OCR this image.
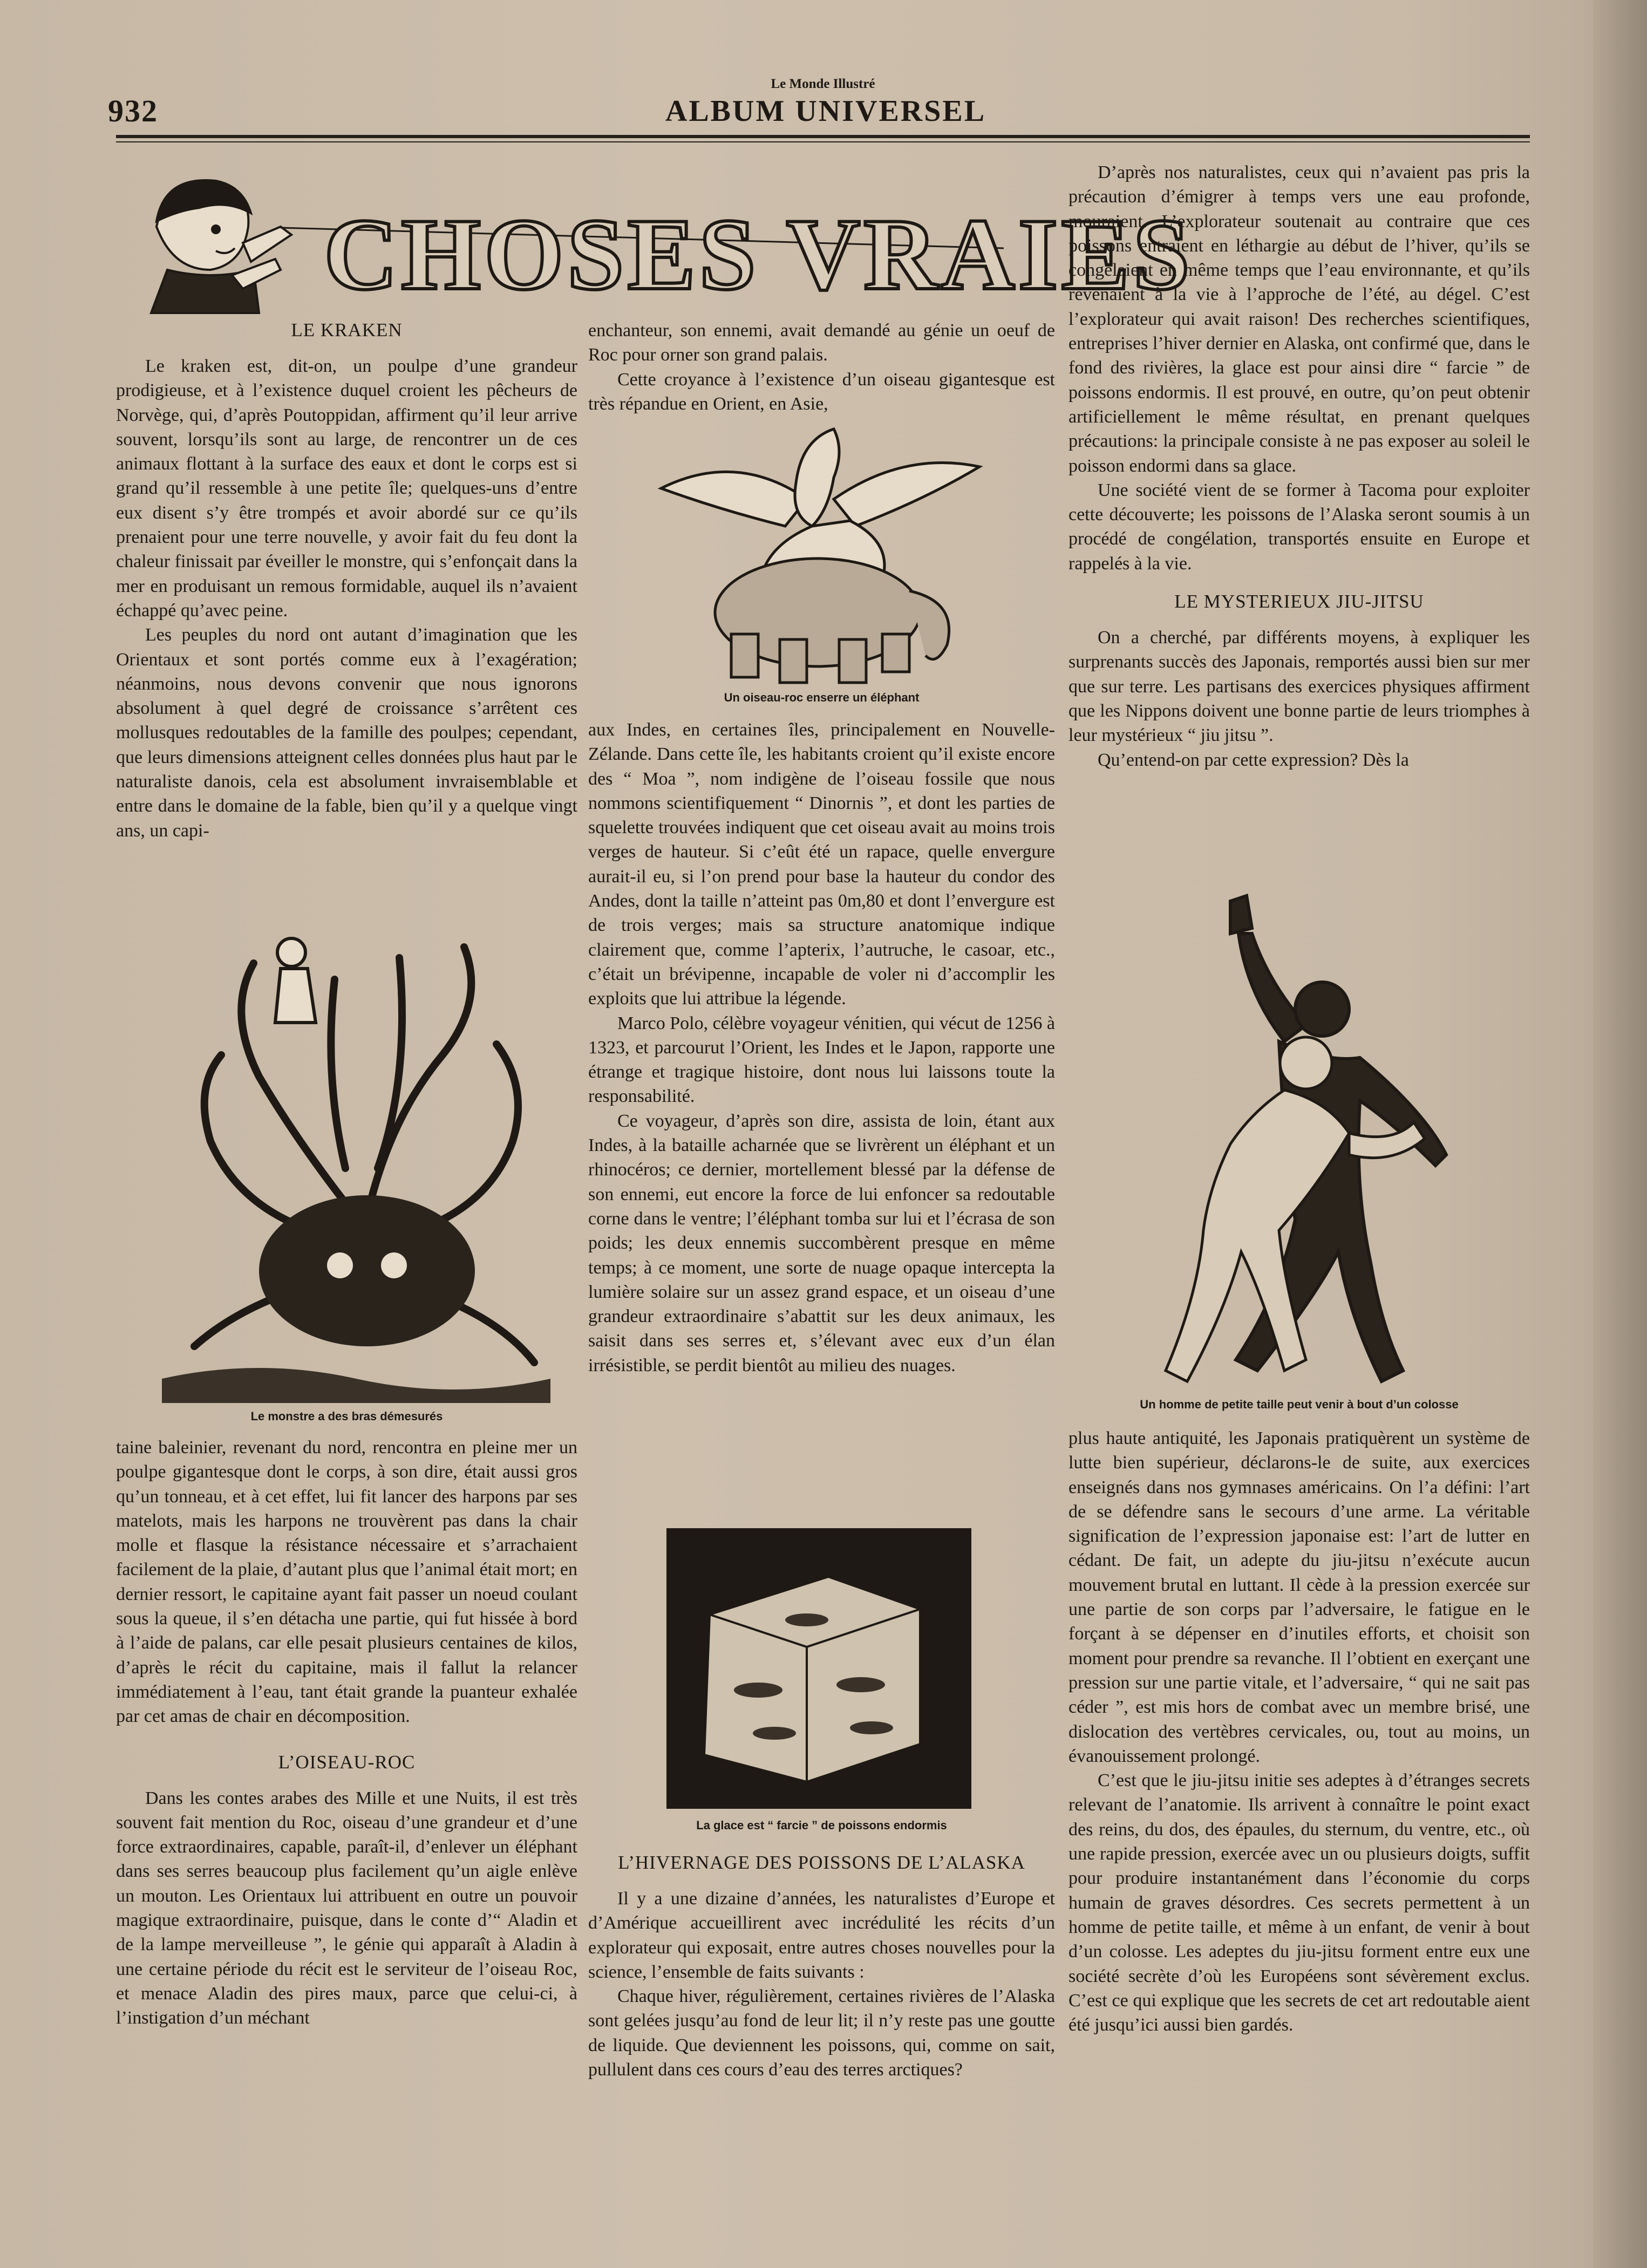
932
Le Monde Illustré
ALBUM UNIVERSEL
CHOSES VRAIES
LE KRAKEN

Le kraken est, dit-on, un poulpe d’une grandeur prodigieuse, et à l’existence duquel croient les pêcheurs de Norvège, qui, d’après Poutoppidan, affirment qu’il leur arrive souvent, lorsqu’ils sont au large, de rencontrer un de ces animaux flottant à la surface des eaux et dont le corps est si grand qu’il ressemble à une petite île; quelques-uns d’entre eux disent s’y être trompés et avoir abordé sur ce qu’ils prenaient pour une terre nouvelle, y avoir fait du feu dont la chaleur finissait par éveiller le monstre, qui s’enfonçait dans la mer en produisant un remous formidable, auquel ils n’avaient échappé qu’avec peine.

Les peuples du nord ont autant d’imagination que les Orientaux et sont portés comme eux à l’exagération; néanmoins, nous devons convenir que nous ignorons absolument à quel degré de croissance s’arrêtent ces mollusques redoutables de la famille des poulpes; cependant, que leurs dimensions atteignent celles données plus haut par le naturaliste danois, cela est absolument invraisemblable et entre dans le domaine de la fable, bien qu’il y a quelque vingt ans, un capi-

Le monstre a des bras démesurés

taine baleinier, revenant du nord, rencontra en pleine mer un poulpe gigantesque dont le corps, à son dire, était aussi gros qu’un tonneau, et à cet effet, lui fit lancer des harpons par ses matelots, mais les harpons ne trouvèrent pas dans la chair molle et flasque la résistance nécessaire et s’arrachaient facilement de la plaie, d’autant plus que l’animal était mort; en dernier ressort, le capitaine ayant fait passer un noeud coulant sous la queue, il s’en détacha une partie, qui fut hissée à bord à l’aide de palans, car elle pesait plusieurs centaines de kilos, d’après le récit du capitaine, mais il fallut la relancer immédiatement à l’eau, tant était grande la puanteur exhalée par cet amas de chair en décomposition.

L’OISEAU-ROC

Dans les contes arabes des Mille et une Nuits, il est très souvent fait mention du Roc, oiseau d’une grandeur et d’une force extraordinaires, capable, paraît-il, d’enlever un éléphant dans ses serres beaucoup plus facilement qu’un aigle enlève un mouton. Les Orientaux lui attribuent en outre un pouvoir magique extraordinaire, puisque, dans le conte d’“ Aladin et de la lampe merveilleuse ”, le génie qui apparaît à Aladin à une certaine période du récit est le serviteur de l’oiseau Roc, et menace Aladin des pires maux, parce que celui-ci, à l’instigation d’un méchant

enchanteur, son ennemi, avait demandé au génie un oeuf de Roc pour orner son grand palais.

Cette croyance à l’existence d’un oiseau gigantesque est très répandue en Orient, en Asie,

Un oiseau-roc enserre un éléphant

aux Indes, en certaines îles, principalement en Nouvelle-Zélande. Dans cette île, les habitants croient qu’il existe encore des “ Moa ”, nom indigène de l’oiseau fossile que nous nommons scientifiquement “ Dinornis ”, et dont les parties de squelette trouvées indiquent que cet oiseau avait au moins trois verges de hauteur. Si c’eût été un rapace, quelle envergure aurait-il eu, si l’on prend pour base la hauteur du condor des Andes, dont la taille n’atteint pas 0m,80 et dont l’envergure est de trois verges; mais sa structure anatomique indique clairement que, comme l’apterix, l’autruche, le casoar, etc., c’était un brévipenne, incapable de voler ni d’accomplir les exploits que lui attribue la légende.

Marco Polo, célèbre voyageur vénitien, qui vécut de 1256 à 1323, et parcourut l’Orient, les Indes et le Japon, rapporte une étrange et tragique histoire, dont nous lui laissons toute la responsabilité.

Ce voyageur, d’après son dire, assista de loin, étant aux Indes, à la bataille acharnée que se livrèrent un éléphant et un rhinocéros; ce dernier, mortellement blessé par la défense de son ennemi, eut encore la force de lui enfoncer sa redoutable corne dans le ventre; l’éléphant tomba sur lui et l’écrasa de son poids; les deux ennemis succombèrent presque en même temps; à ce moment, une sorte de nuage opaque intercepta la lumière solaire sur un assez grand espace, et un oiseau d’une grandeur extraordinaire s’abattit sur les deux animaux, les saisit dans ses serres et, s’élevant avec eux d’un élan irrésistible, se perdit bientôt au milieu des nuages.

La glace est “ farcie ” de poissons endormis
L’HIVERNAGE DES POISSONS DE L’ALASKA

Il y a une dizaine d’années, les naturalistes d’Europe et d’Amérique accueillirent avec incrédulité les récits d’un explorateur qui exposait, entre autres choses nouvelles pour la science, l’ensemble de faits suivants :

Chaque hiver, régulièrement, certaines rivières de l’Alaska sont gelées jusqu’au fond de leur lit; il n’y reste pas une goutte de liquide. Que deviennent les poissons, qui, comme on sait, pullulent dans ces cours d’eau des terres arctiques?

D’après nos naturalistes, ceux qui n’avaient pas pris la précaution d’émigrer à temps vers une eau profonde, mouraient. L’explorateur soutenait au contraire que ces poissons entraient en léthargie au début de l’hiver, qu’ils se congelaient en même temps que l’eau environnante, et qu’ils revenaient à la vie à l’approche de l’été, au dégel. C’est l’explorateur qui avait raison! Des recherches scientifiques, entreprises l’hiver dernier en Alaska, ont confirmé que, dans le fond des rivières, la glace est pour ainsi dire “ farcie ” de poissons endormis. Il est prouvé, en outre, qu’on peut obtenir artificiellement le même résultat, en prenant quelques précautions: la principale consiste à ne pas exposer au soleil le poisson endormi dans sa glace.

Une société vient de se former à Tacoma pour exploiter cette découverte; les poissons de l’Alaska seront soumis à un procédé de congélation, transportés ensuite en Europe et rappelés à la vie.

LE MYSTERIEUX JIU-JITSU

On a cherché, par différents moyens, à expliquer les surprenants succès des Japonais, remportés aussi bien sur mer que sur terre. Les partisans des exercices physiques affirment que les Nippons doivent une bonne partie de leurs triomphes à leur mystérieux “ jiu jitsu ”.

Qu’entend-on par cette expression? Dès la

Un homme de petite taille peut venir à bout d’un colosse

plus haute antiquité, les Japonais pratiquèrent un système de lutte bien supérieur, déclarons-le de suite, aux exercices enseignés dans nos gymnases américains. On l’a défini: l’art de se défendre sans le secours d’une arme. La véritable signification de l’expression japonaise est: l’art de lutter en cédant. De fait, un adepte du jiu-jitsu n’exécute aucun mouvement brutal en luttant. Il cède à la pression exercée sur une partie de son corps par l’adversaire, le fatigue en le forçant à se dépenser en d’inutiles efforts, et choisit son moment pour prendre sa revanche. Il l’obtient en exerçant une pression sur une partie vitale, et l’adversaire, “ qui ne sait pas céder ”, est mis hors de combat avec un membre brisé, une dislocation des vertèbres cervicales, ou, tout au moins, un évanouissement prolongé.

C’est que le jiu-jitsu initie ses adeptes à d’étranges secrets relevant de l’anatomie. Ils arrivent à connaître le point exact des reins, du dos, des épaules, du sternum, du ventre, etc., où une rapide pression, exercée avec un ou plusieurs doigts, suffit pour produire instantanément dans l’économie du corps humain de graves désordres. Ces secrets permettent à un homme de petite taille, et même à un enfant, de venir à bout d’un colosse. Les adeptes du jiu-jitsu forment entre eux une société secrète d’où les Européens sont sévèrement exclus. C’est ce qui explique que les secrets de cet art redoutable aient été jusqu’ici aussi bien gardés.
